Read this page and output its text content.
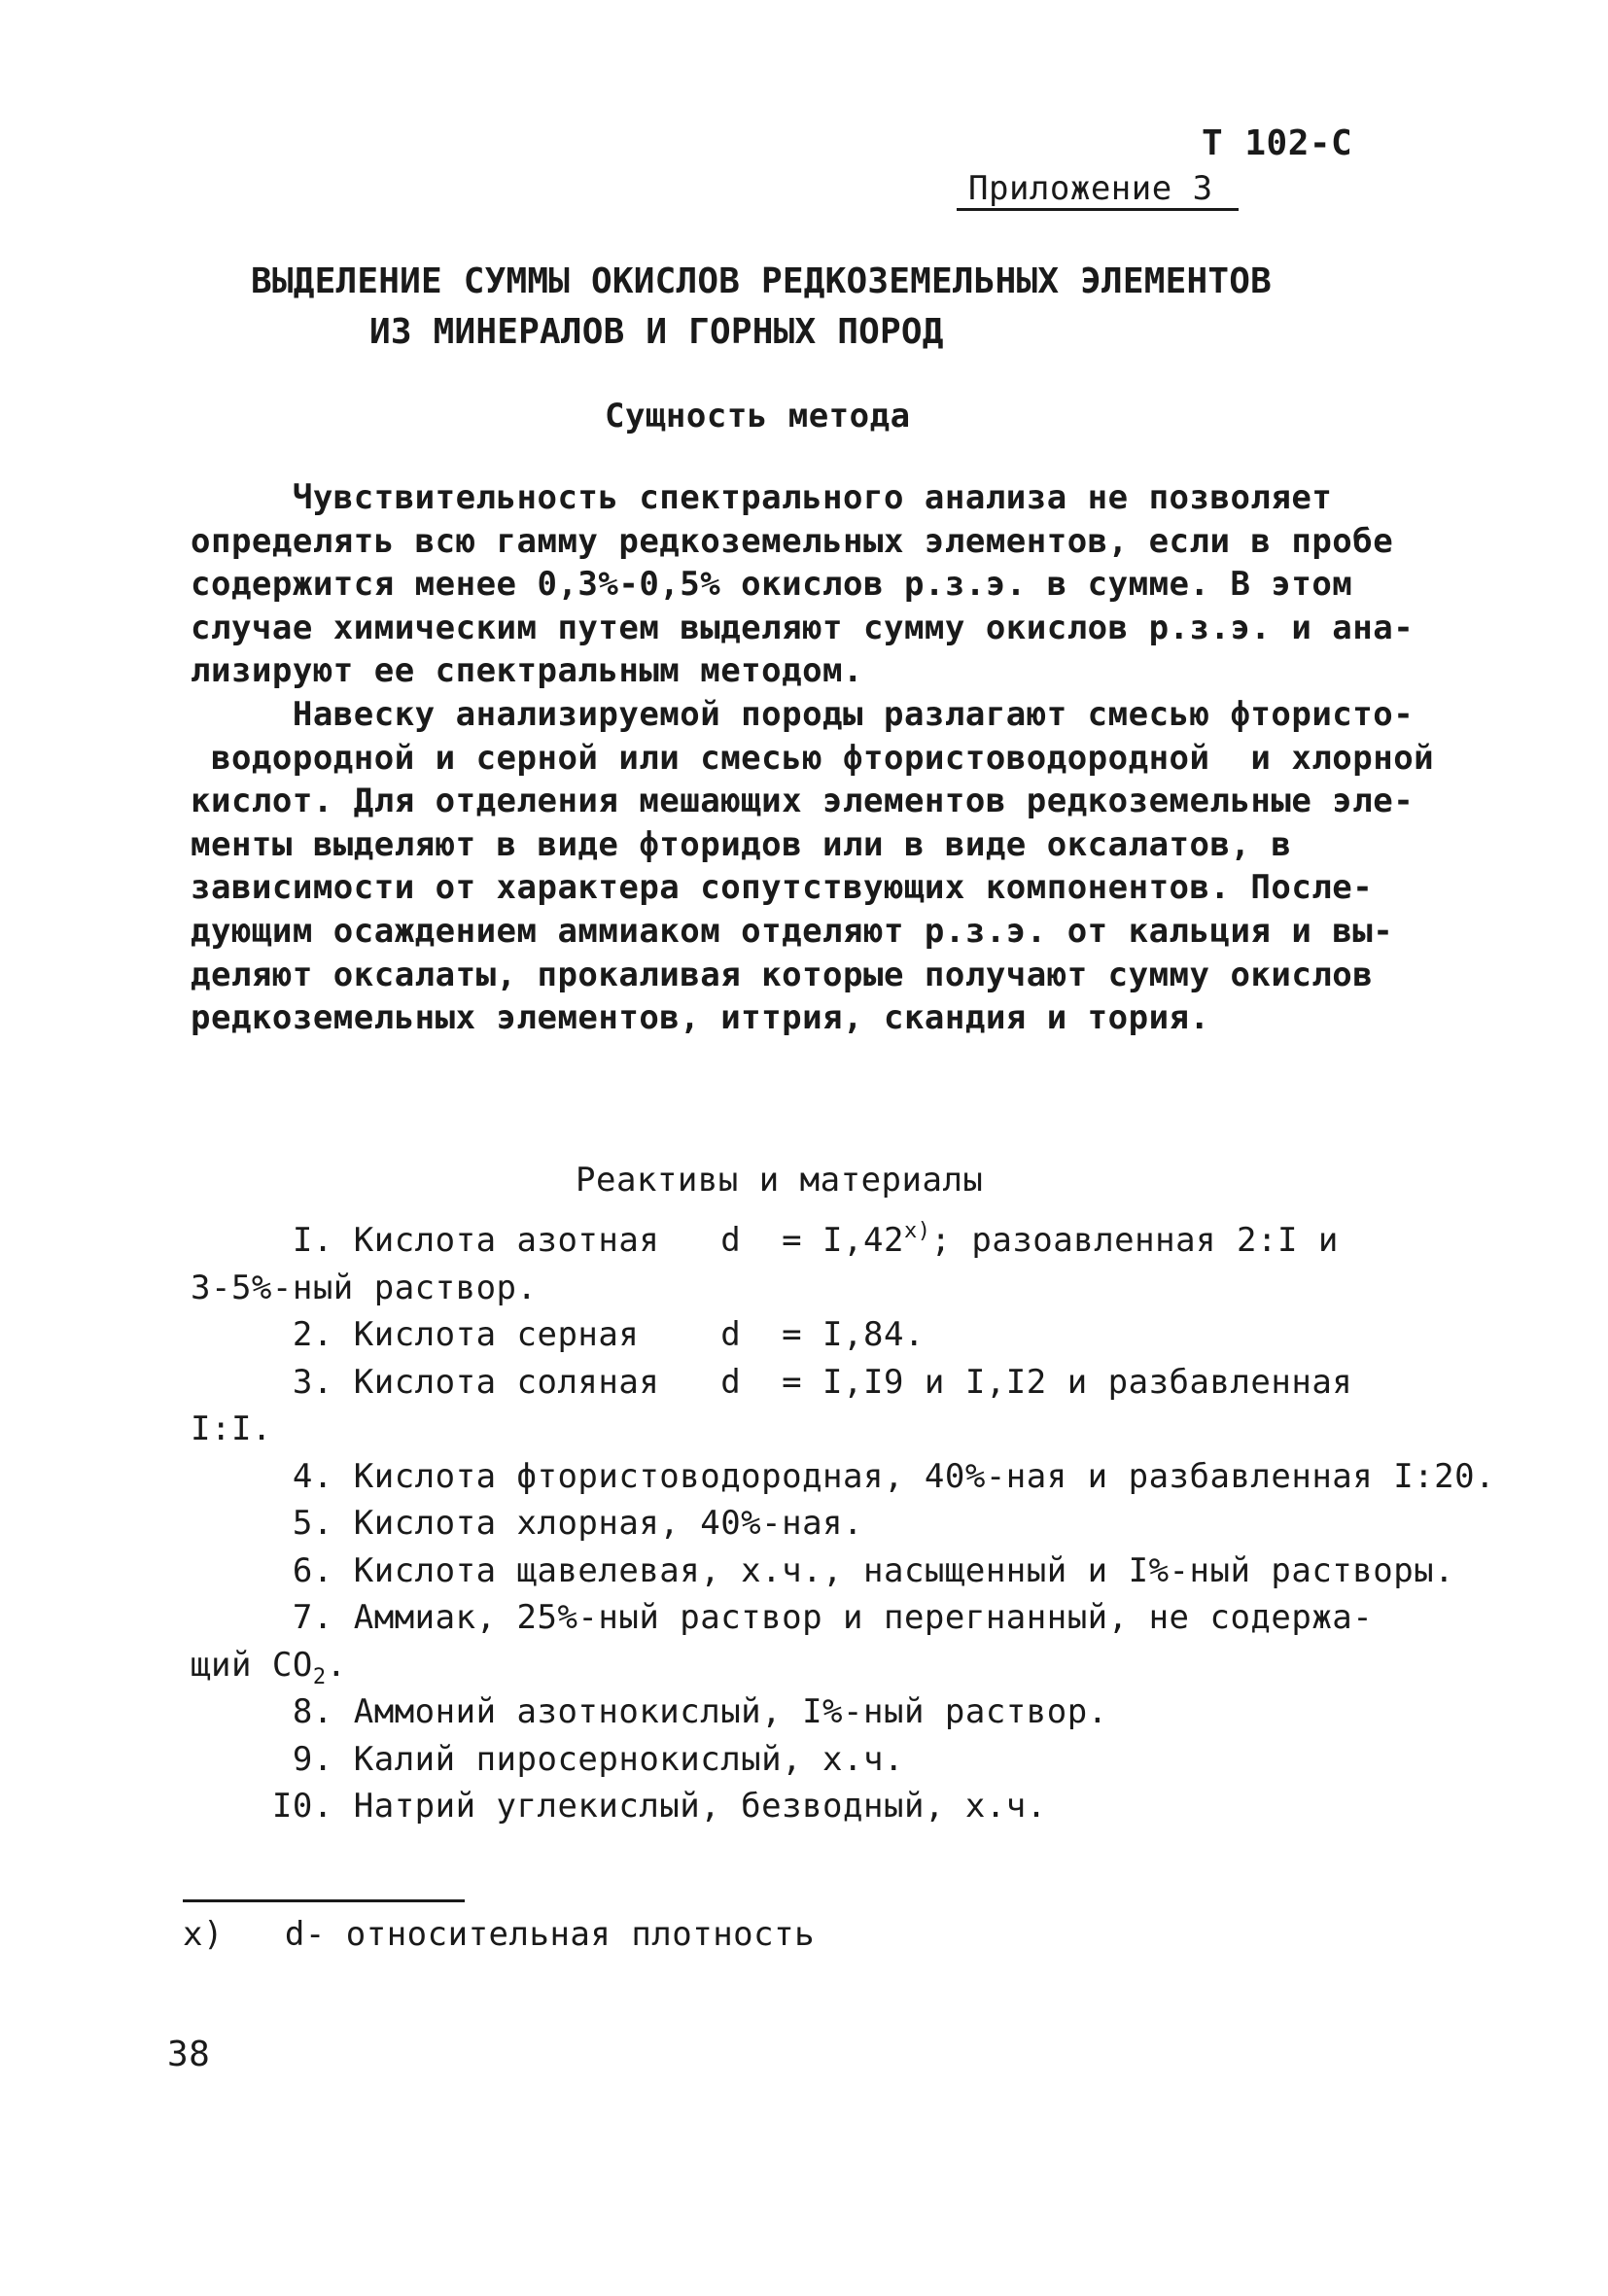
Т 102-С
Приложение 3
ВЫДЕЛЕНИЕ СУММЫ ОКИСЛОВ РЕДКОЗЕМЕЛЬНЫХ ЭЛЕМЕНТОВ
ИЗ МИНЕРАЛОВ И ГОРНЫХ ПОРОД
Сущность метода
Чувствительность спектрального анализа не позволяет
определять всю гамму редкоземельных элементов, если в пробе
содержится менее 0,3%-0,5% окислов р.з.э. в сумме. В этом
случае химическим путем выделяют сумму окислов р.з.э. и ана-
лизируют ее спектральным методом.
Навеску анализируемой породы разлагают смесью фтористо-
водородной и серной или смесью фтористоводородной  и хлорной
кислот. Для отделения мешающих элементов редкоземельные эле-
менты выделяют в виде фторидов или в виде оксалатов, в
зависимости от характера сопутствующих компонентов. После-
дующим осаждением аммиаком отделяют р.з.э. от кальция и вы-
деляют оксалаты, прокаливая которые получают сумму окислов
редкоземельных элементов, иттрия, скандия и тория.
Реактивы и материалы
I. Кислота азотная   $d = I,42^{x)}$; разоавленная 2:I и
3-5%-ный раствор.
2. Кислота серная    d  = I,84.
3. Кислота соляная   d  = I,I9 и I,I2 и разбавленная
I:I.
4. Кислота фтористоводородная, 40%-ная и разбавленная I:20.
5. Кислота хлорная, 40%-ная.
6. Кислота щавелевая, х.ч., насыщенный и I%-ный растворы.
7. Аммиак, 25%-ный раствор и перегнанный, не содержа-
щий $CO_2$.
8. Аммоний азотнокислый, I%-ный раствор.
9. Калий пиросернокислый, х.ч.
I0. Натрий углекислый, безводный, х.ч.
x)   d- относительная плотность
38
